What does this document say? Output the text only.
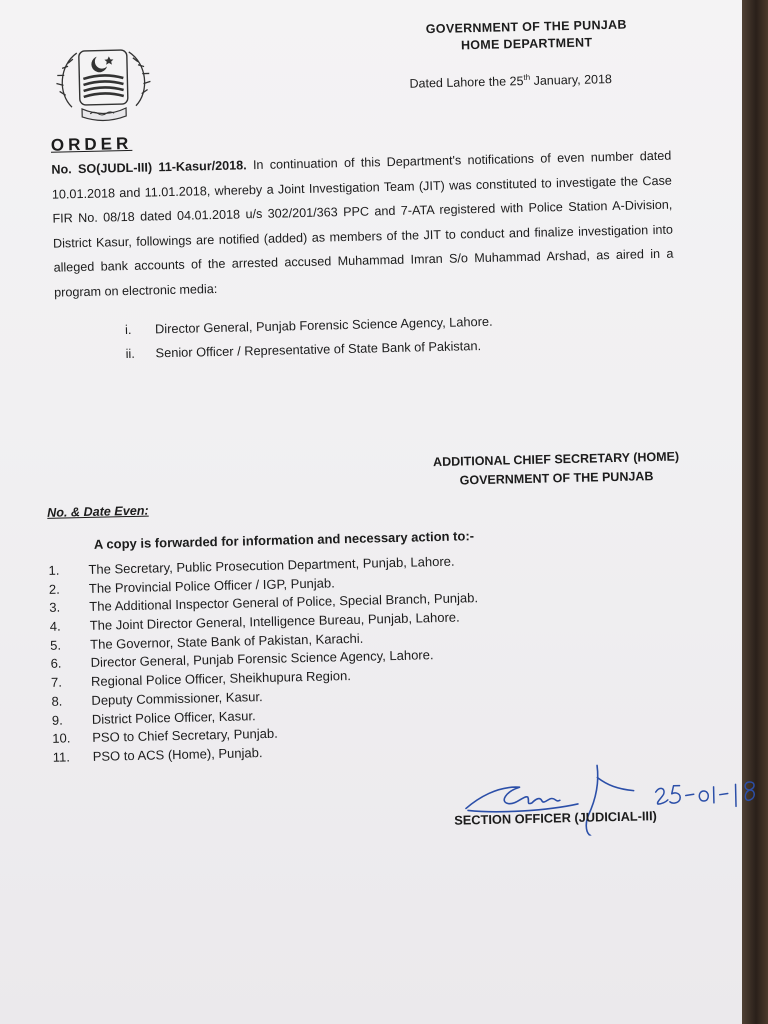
GOVERNMENT OF THE PUNJAB
HOME DEPARTMENT
Dated Lahore the 25th January, 2018
ORDER
No. SO(JUDL-III) 11-Kasur/2018. In continuation of this Department's notifications of even number dated 10.01.2018 and 11.01.2018, whereby a Joint Investigation Team (JIT) was constituted to investigate the Case FIR No. 08/18 dated 04.01.2018 u/s 302/201/363 PPC and 7-ATA registered with Police Station A-Division, District Kasur, followings are notified (added) as members of the JIT to conduct and finalize investigation into alleged bank accounts of the arrested accused Muhammad Imran S/o Muhammad Arshad, as aired in a program on electronic media:
i.	Director General, Punjab Forensic Science Agency, Lahore.
ii.	Senior Officer / Representative of State Bank of Pakistan.
ADDITIONAL CHIEF SECRETARY (HOME)
GOVERNMENT OF THE PUNJAB
No. & Date Even:
A copy is forwarded for information and necessary action to:-
1.	The Secretary, Public Prosecution Department, Punjab, Lahore.
2.	The Provincial Police Officer / IGP, Punjab.
3.	The Additional Inspector General of Police, Special Branch, Punjab.
4.	The Joint Director General, Intelligence Bureau, Punjab, Lahore.
5.	The Governor, State Bank of Pakistan, Karachi.
6.	Director General, Punjab Forensic Science Agency, Lahore.
7.	Regional Police Officer, Sheikhupura Region.
8.	Deputy Commissioner, Kasur.
9.	District Police Officer, Kasur.
10.	PSO to Chief Secretary, Punjab.
11.	PSO to ACS (Home), Punjab.
SECTION OFFICER (JUDICIAL-III)
